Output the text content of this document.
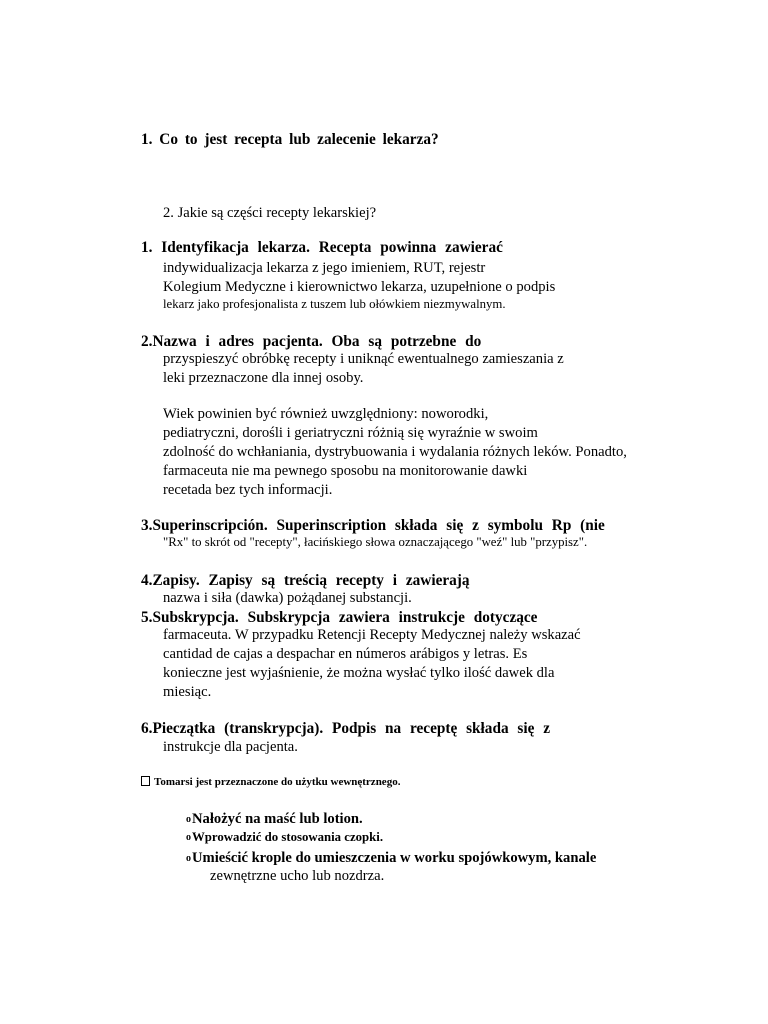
1. Co to jest recepta lub zalecenie lekarza?
2. Jakie są części recepty lekarskiej?
1. Identyfikacja lekarza. Recepta powinna zawierać
indywidualizacja lekarza z jego imieniem, RUT, rejestr
Kolegium Medyczne i kierownictwo lekarza, uzupełnione o podpis
lekarz jako profesjonalista z tuszem lub ołówkiem niezmywalnym.
2.Nazwa i adres pacjenta. Oba są potrzebne do
przyspieszyć obróbkę recepty i uniknąć ewentualnego zamieszania z
leki przeznaczone dla innej osoby.
Wiek powinien być również uwzględniony: noworodki,
pediatryczni, dorośli i geriatryczni różnią się wyraźnie w swoim
zdolność do wchłaniania, dystrybuowania i wydalania różnych leków. Ponadto,
farmaceuta nie ma pewnego sposobu na monitorowanie dawki
recetada bez tych informacji.
3.Superinscripción. Superinscription składa się z symbolu Rp (nie
"Rx" to skrót od "recepty", łacińskiego słowa oznaczającego "weź" lub "przypisz".
4.Zapisy. Zapisy są treścią recepty i zawierają
nazwa i siła (dawka) pożądanej substancji.
5.Subskrypcja. Subskrypcja zawiera instrukcje dotyczące
farmaceuta. W przypadku Retencji Recepty Medycznej należy wskazać
cantidad de cajas a despachar en números arábigos y letras. Es
konieczne jest wyjaśnienie, że można wysłać tylko ilość dawek dla
miesiąc.
6.Pieczątka (transkrypcja). Podpis na receptę składa się z
instrukcje dla pacjenta.
Tomarsi jest przeznaczone do użytku wewnętrznego.
oNałożyć na maść lub lotion.
oWprowadzić do stosowania czopki.
oUmieścić krople do umieszczenia w worku spojówkowym, kanale
zewnętrzne ucho lub nozdrza.
